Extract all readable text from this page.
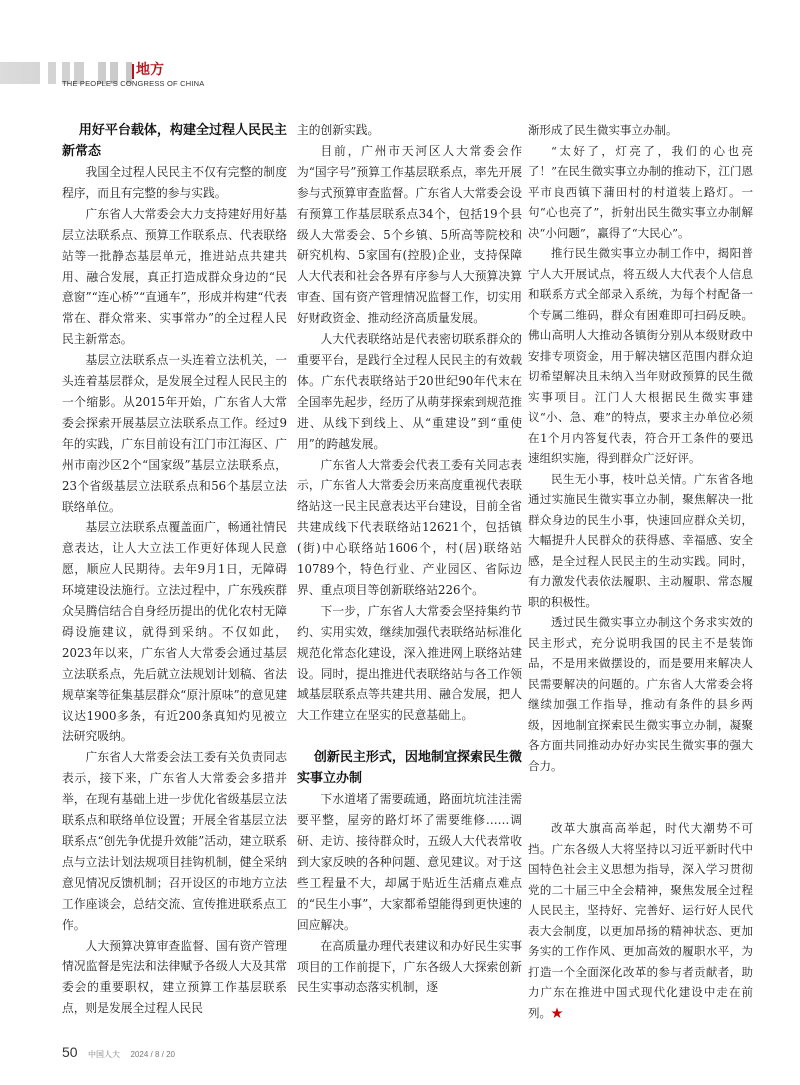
地方
THE PEOPLE'S CONGRESS OF CHINA
用好平台载体，构建全过程人民民主新常态

我国全过程人民民主不仅有完整的制度程序，而且有完整的参与实践。

广东省人大常委会大力支持建好用好基层立法联系点、预算工作联系点、代表联络站等一批静态基层单元，推进站点共建共用、融合发展，真正打造成群众身边的“民意窗”“连心桥”“直通车”，形成并构建“代表常在、群众常来、实事常办”的全过程人民民主新常态。

基层立法联系点一头连着立法机关，一头连着基层群众，是发展全过程人民民主的一个缩影。从2015年开始，广东省人大常委会探索开展基层立法联系点工作。经过9年的实践，广东目前设有江门市江海区、广州市南沙区2个“国家级”基层立法联系点，23个省级基层立法联系点和56个基层立法联络单位。

基层立法联系点覆盖面广，畅通社情民意表达，让人大立法工作更好体现人民意愿，顺应人民期待。去年9月1日，无障碍环境建设法施行。立法过程中，广东残疾群众吴腾信结合自身经历提出的优化农村无障碍设施建议，就得到采纳。不仅如此，2023年以来，广东省人大常委会通过基层立法联系点，先后就立法规划计划稿、省法规草案等征集基层群众“原汁原味”的意见建议达1900多条，有近200条真知灼见被立法研究吸纳。

广东省人大常委会法工委有关负责同志表示，接下来，广东省人大常委会多措并举，在现有基础上进一步优化省级基层立法联系点和联络单位设置；开展全省基层立法联系点“创先争优提升效能”活动，建立联系点与立法计划法规项目挂钩机制，健全采纳意见情况反馈机制；召开设区的市地方立法工作座谈会，总结交流、宣传推进联系点工作。

人大预算决算审查监督、国有资产管理情况监督是宪法和法律赋予各级人大及其常委会的重要职权，建立预算工作基层联系点，则是发展全过程人民民

主的创新实践。

目前，广州市天河区人大常委会作为“国字号”预算工作基层联系点，率先开展参与式预算审查监督。广东省人大常委会设有预算工作基层联系点34个，包括19个县级人大常委会、5个乡镇、5所高等院校和研究机构、5家国有(控股)企业，支持保障人大代表和社会各界有序参与人大预算决算审查、国有资产管理情况监督工作，切实用好财政资金、推动经济高质量发展。

人大代表联络站是代表密切联系群众的重要平台，是践行全过程人民民主的有效载体。广东代表联络站于20世纪90年代末在全国率先起步，经历了从萌芽探索到规范推进、从线下到线上、从“重建设”到“重使用”的跨越发展。

广东省人大常委会代表工委有关同志表示，广东省人大常委会历来高度重视代表联络站这一民主民意表达平台建设，目前全省共建成线下代表联络站12621个，包括镇(街)中心联络站1606个，村(居)联络站10789个，特色行业、产业园区、省际边界、重点项目等创新联络站226个。

下一步，广东省人大常委会坚持集约节约、实用实效，继续加强代表联络站标准化规范化常态化建设，深入推进网上联络站建设。同时，提出推进代表联络站与各工作领域基层联系点等共建共用、融合发展，把人大工作建立在坚实的民意基础上。

创新民主形式，因地制宜探索民生微实事立办制

下水道堵了需要疏通，路面坑坑洼洼需要平整，屋旁的路灯坏了需要维修……调研、走访、接待群众时，五级人大代表常收到大家反映的各种问题、意见建议。对于这些工程量不大，却属于贴近生活痛点难点的“民生小事”，大家都希望能得到更快速的回应解决。

在高质量办理代表建议和办好民生实事项目的工作前提下，广东各级人大探索创新民生实事动态落实机制，逐

渐形成了民生微实事立办制。

“太好了，灯亮了，我们的心也亮了！”在民生微实事立办制的推动下，江门恩平市良西镇下蒲田村的村道装上路灯。一句“心也亮了”，折射出民生微实事立办制解决“小问题”，赢得了“大民心”。

推行民生微实事立办制工作中，揭阳普宁人大开展试点，将五级人大代表个人信息和联系方式全部录入系统，为每个村配备一个专属二维码，群众有困难即可扫码反映。佛山高明人大推动各镇街分别从本级财政中安排专项资金，用于解决辖区范围内群众迫切希望解决且未纳入当年财政预算的民生微实事项目。江门人大根据民生微实事建议“小、急、难”的特点，要求主办单位必须在1个月内答复代表，符合开工条件的要迅速组织实施，得到群众广泛好评。

民生无小事，枝叶总关情。广东省各地通过实施民生微实事立办制，聚焦解决一批群众身边的民生小事，快速回应群众关切，大幅提升人民群众的获得感、幸福感、安全感，是全过程人民民主的生动实践。同时，有力激发代表依法履职、主动履职、常态履职的积极性。

透过民生微实事立办制这个务求实效的民主形式，充分说明我国的民主不是装饰品，不是用来做摆设的，而是要用来解决人民需要解决的问题的。广东省人大常委会将继续加强工作指导，推动有条件的县乡两级，因地制宜探索民生微实事立办制，凝聚各方面共同推动办好办实民生微实事的强大合力。

改革大旗高高举起，时代大潮势不可挡。广东各级人大将坚持以习近平新时代中国特色社会主义思想为指导，深入学习贯彻党的二十届三中全会精神，聚焦发展全过程人民民主，坚持好、完善好、运行好人民代表大会制度，以更加昂扬的精神状态、更加务实的工作作风、更加高效的履职水平，为打造一个全面深化改革的参与者贡献者，助力广东在推进中国式现代化建设中走在前列。★

50 中国人大 2024 / 8 / 20
